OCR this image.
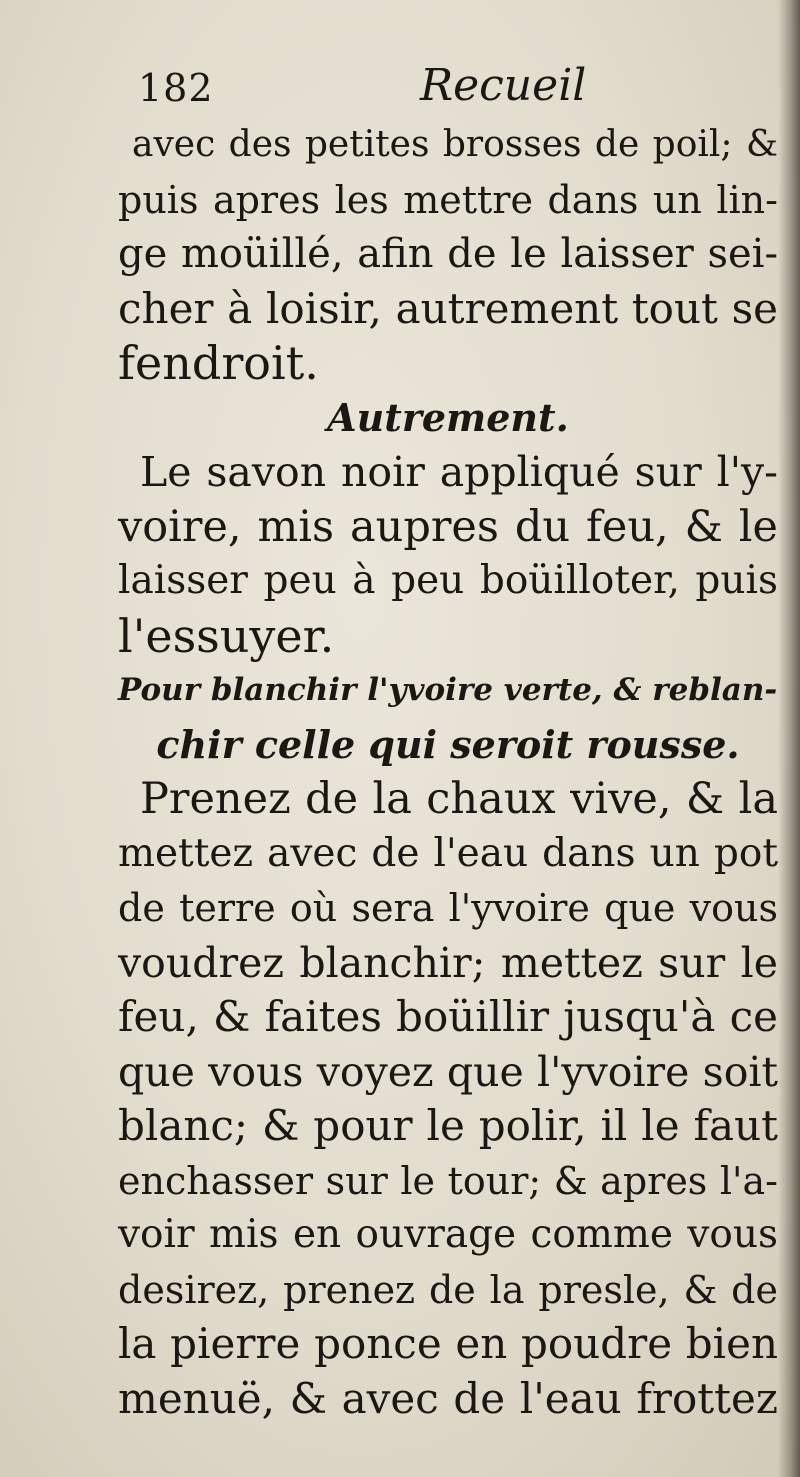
182	Recueil
avec des petites brosses de poil; &
puis apres les mettre dans un lin-
ge moüillé, afin de le laisser sei-
cher à loisir, autrement tout se
fendroit.
Autrement.
Le savon noir appliqué sur l'y-
voire, mis aupres du feu, & le
laisser peu à peu boüilloter, puis
l'essuyer.
Pour blanchir l'yvoire verte, & reblan-
chir celle qui seroit rousse.
Prenez de la chaux vive, & la
mettez avec de l'eau dans un pot
de terre où sera l'yvoire que vous
voudrez blanchir; mettez sur le
feu, & faites boüillir jusqu'à ce
que vous voyez que l'yvoire soit
blanc; & pour le polir, il le faut
enchasser sur le tour; & apres l'a-
voir mis en ouvrage comme vous
desirez, prenez de la presle, & de
la pierre ponce en poudre bien
menuë, & avec de l'eau frottez
